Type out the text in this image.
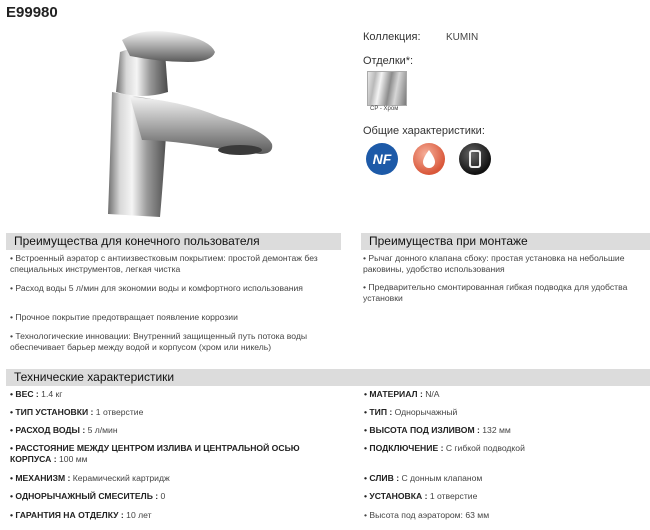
E99980
Коллекция:	KUMIN
Отделки*:
CP - Хром
Общие характеристики:
NF
Преимущества для конечного пользователя
• Встроенный аэратор с антиизвестковым покрытием: простой демонтаж без специальных инструментов, легкая чистка
• Расход воды 5 л/мин для экономии воды и комфортного использования
• Прочное покрытие предотвращает появление коррозии
• Технологические инновации: Внутренний защищенный путь потока воды обеспечивает барьер между водой и корпусом (хром или никель)
Преимущества при монтаже
• Рычаг донного клапана сбоку: простая установка на небольшие раковины, удобство использования
• Предварительно смонтированная гибкая подводка для удобства установки
Технические характеристики
• ВЕС : 1.4 кг
• ТИП УСТАНОВКИ : 1 отверстие
• РАСХОД ВОДЫ : 5 л/мин
• РАССТОЯНИЕ МЕЖДУ ЦЕНТРОМ ИЗЛИВА И ЦЕНТРАЛЬНОЙ ОСЬЮ КОРПУСА : 100 мм
• МЕХАНИЗМ : Керамический картридж
• ОДНОРЫЧАЖНЫЙ СМЕСИТЕЛЬ : 0
• ГАРАНТИЯ НА ОТДЕЛКУ : 10 лет
• МАТЕРИАЛ : N/A
• ТИП : Однорычажный
• ВЫСОТА ПОД ИЗЛИВОМ : 132 мм
• ПОДКЛЮЧЕНИЕ : С гибкой подводкой
• СЛИВ : С донным клапаном
• УСТАНОВКА : 1 отверстие
• Высота под аэратором: 63 мм
